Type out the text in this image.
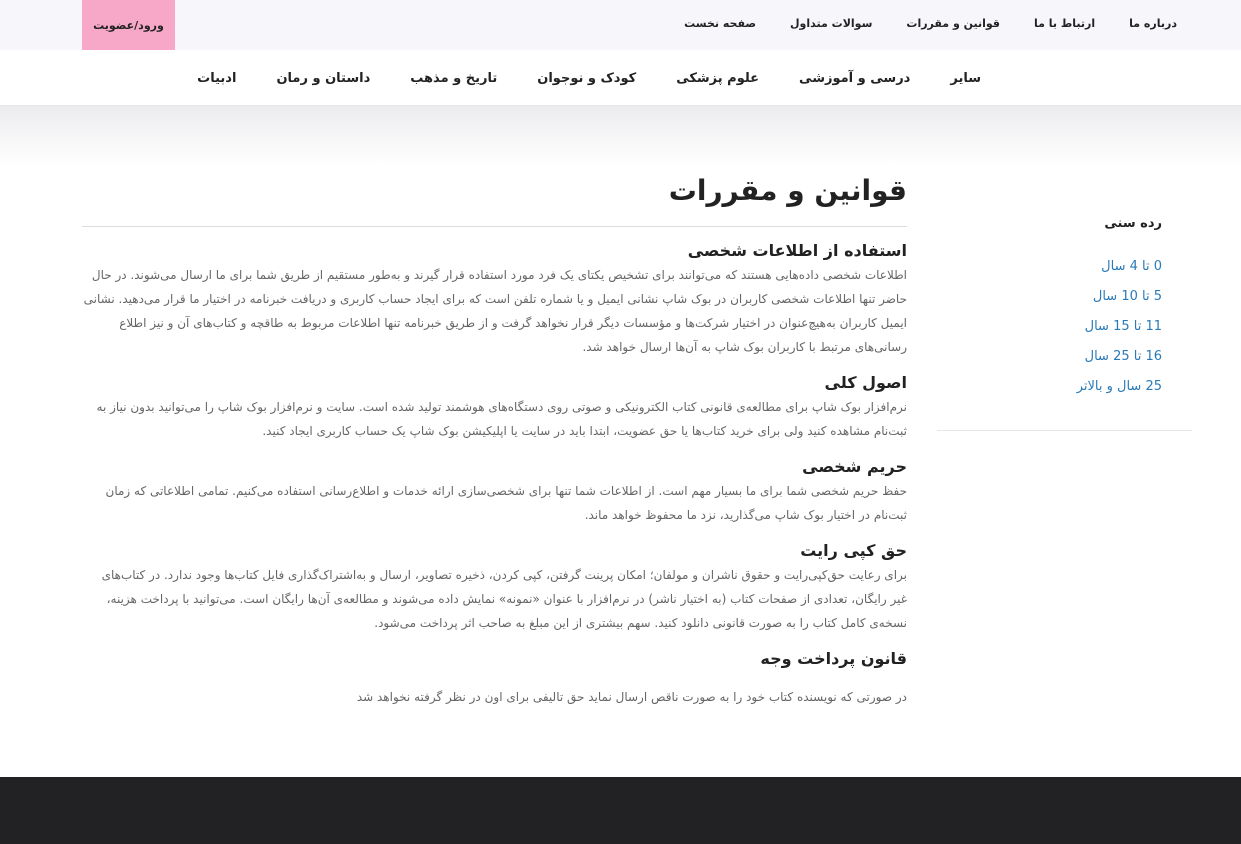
ورود/عضویت	صفحه نخست	سوالات متداول	قوانین و مقررات	ارتباط با ما	درباره ما
ادبیات	داستان و رمان	تاریخ و مذهب	کودک و نوجوان	علوم پزشکی	درسی و آموزشی	سایر
قوانین و مقررات
استفاده از اطلاعات شخصی

اطلاعات شخصی داده‌هایی هستند که می‌توانند برای تشخیص یکتای یک فرد مورد استفاده قرار گیرند و به‌طور مستقیم از طریق شما برای ما ارسال می‌شوند. در حال حاضر تنها اطلاعات شخصی کاربران در بوک شاپ نشانی ایمیل و یا شماره تلفن است که برای ایجاد حساب کاربری و دریافت خبرنامه در اختیار ما قرار می‌دهید. نشانی ایمیل کاربران به‌هیچ‌عنوان در اختیار شرکت‌ها و مؤسسات دیگر قرار نخواهد گرفت و از طریق خبرنامه تنها اطلاعات مربوط به طاقچه و کتاب‌های آن و نیز اطلاع رسانی‌های مرتبط با کاربران بوک شاپ به آن‌ها ارسال خواهد شد.

اصول کلی

نرم‌افزار بوک شاپ برای مطالعه‌ی قانونی کتاب الکترونیکی و صوتی روی دستگاه‌های هوشمند تولید شده است. سایت و نرم‌افزار بوک شاپ را می‌توانید بدون نیاز به ثبت‌نام مشاهده کنید ولی برای خرید کتاب‌ها یا حق عضویت، ابتدا باید در سایت یا اپلیکیشن بوک شاپ یک حساب کاربری ایجاد کنید.

حریم شخصی

حفظ حریم شخصی شما برای ما بسیار مهم است. از اطلاعات شما تنها برای شخصی‌سازی ارائه خدمات و اطلاع‌رسانی استفاده می‌کنیم. تمامی اطلاعاتی که زمان ثبت‌نام در اختیار بوک شاپ می‌گذارید، نزد ما محفوظ خواهد ماند.

حق کپی رایت

برای رعایت حق‌کپی‌رایت و حقوق ناشران و مولفان؛ امکان پرینت گرفتن، کپی کردن، ذخیره تصاویر، ارسال و به‌اشتراک‌گذاری فایل کتاب‌ها وجود ندارد. در کتاب‌های غیر رایگان، تعدادی از صفحات کتاب (به اختیار ناشر) در نرم‌افزار با عنوان «نمونه» نمایش داده می‌شوند و مطالعه‌ی آن‌ها رایگان است. می‌توانید با پرداخت هزینه، نسخه‌ی کامل کتاب را به صورت قانونی دانلود کنید. سهم بیشتری از این مبلغ به صاحب اثر پرداخت می‌شود.

قانون پرداخت وجه

در صورتی که نویسنده کتاب خود را به صورت ناقص ارسال نماید حق تالیفی برای اون در نظر گرفته نخواهد شد

رده سنی
0 تا 4 سال
5 تا 10 سال
11 تا 15 سال
16 تا 25 سال
25 سال و بالاتر
